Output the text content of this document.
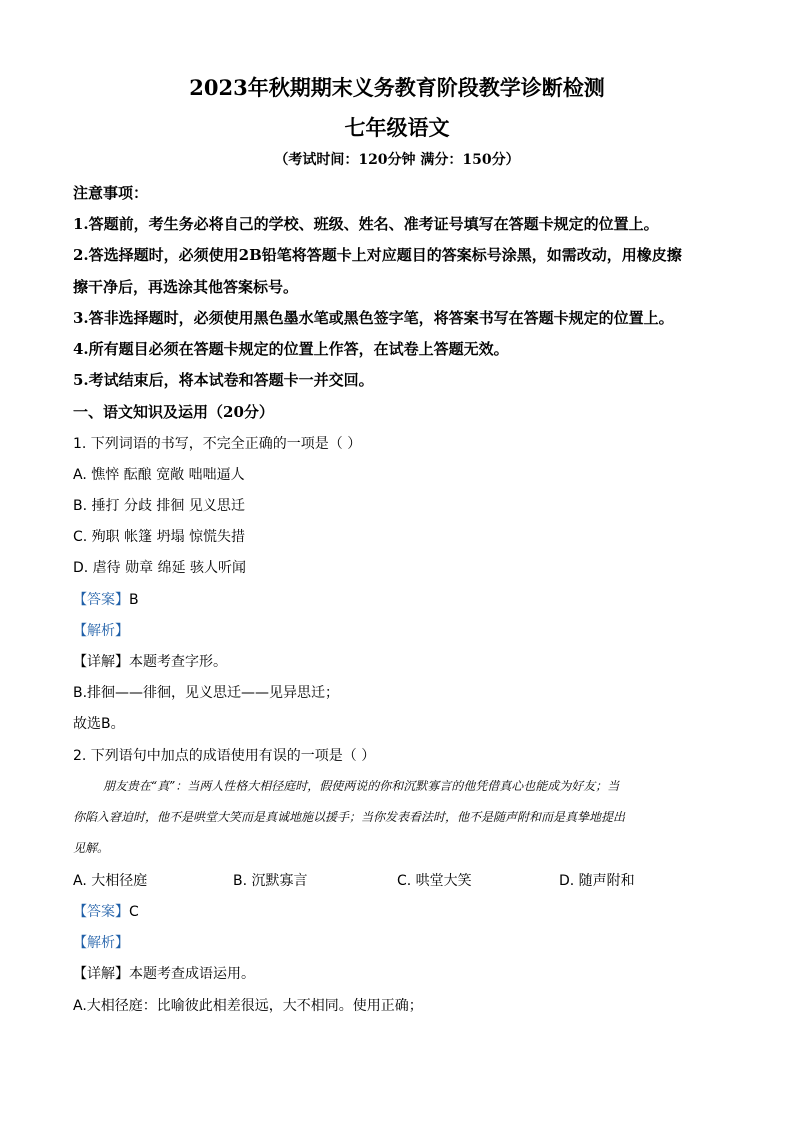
2023年秋期期末义务教育阶段教学诊断检测
七年级语文
（考试时间：120分钟 满分：150分）
注意事项：
1.答题前，考生务必将自己的学校、班级、姓名、准考证号填写在答题卡规定的位置上。
2.答选择题时，必须使用2B铅笔将答题卡上对应题目的答案标号涂黑，如需改动，用橡皮擦
擦干净后，再选涂其他答案标号。
3.答非选择题时，必须使用黑色墨水笔或黑色签字笔，将答案书写在答题卡规定的位置上。
4.所有题目必须在答题卡规定的位置上作答，在试卷上答题无效。
5.考试结束后，将本试卷和答题卡一并交回。
一、语文知识及运用（20分）
1. 下列词语的书写，不完全正确的一项是（ ）
A. 憔悴 酝酿 宽敞 咄咄逼人
B. 捶打 分歧 排徊 见义思迁
C. 殉职 帐篷 坍塌 惊慌失措
D. 虐待 勋章 绵延 骇人听闻
【答案】B
【解析】
【详解】本题考查字形。
B.排徊——徘徊，见义思迁——见异思迁；
故选B。
2. 下列语句中加点的成语使用有误的一项是（ ）
朋友贵在“真”：当两人性格大相径庭时，假使两说的你和沉默寡言的他凭借真心也能成为好友；当
你陷入窘迫时，他不是哄堂大笑而是真诚地施以援手；当你发表看法时，他不是随声附和而是真挚地提出
见解。
A. 大相径庭	B. 沉默寡言	C. 哄堂大笑	D. 随声附和
【答案】C
【解析】
【详解】本题考查成语运用。
A.大相径庭：比喻彼此相差很远，大不相同。使用正确；
